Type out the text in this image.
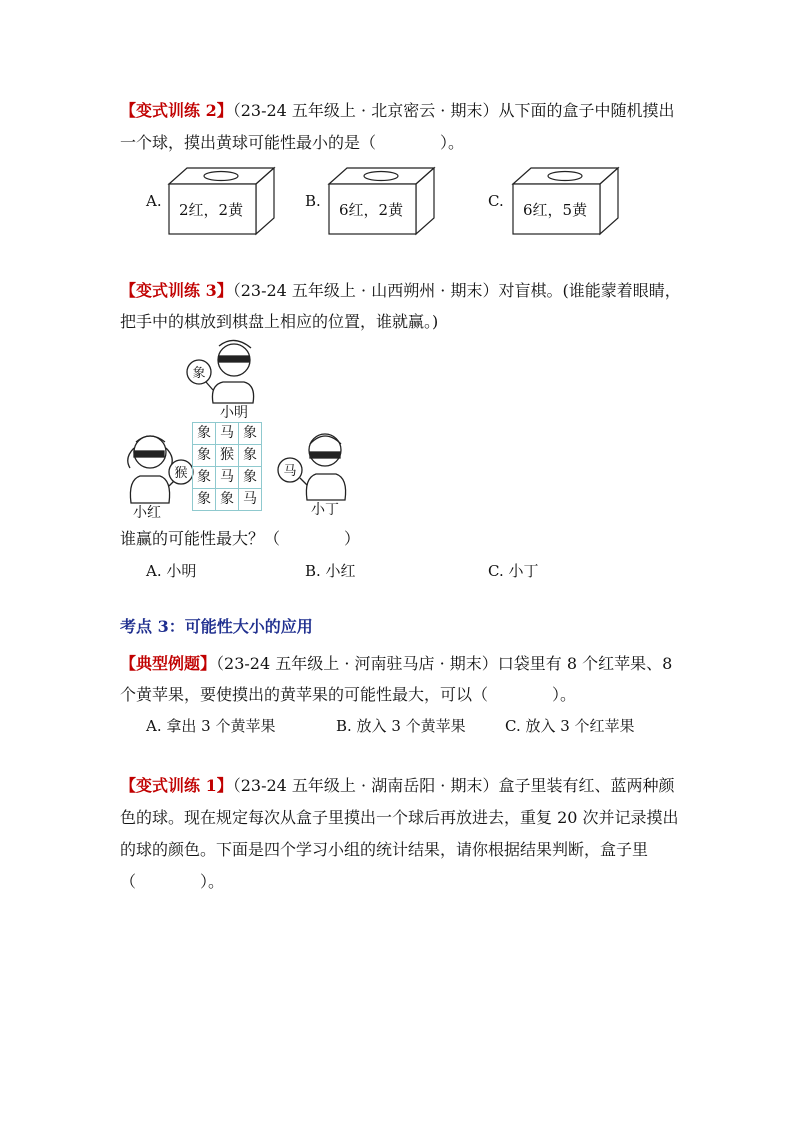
【变式训练 2】（23-24 五年级上 · 北京密云 · 期末）从下面的盒子中随机摸出
一个球，摸出黄球可能性最小的是（　　　　）。
A.	B.	C.
2红，2黄	6红，2黄	6红，5黄
【变式训练 3】（23-24 五年级上 · 山西朔州 · 期末）对盲棋。(谁能蒙着眼睛，
把手中的棋放到棋盘上相应的位置，谁就赢。)
象
猴	马
小明
小红	小丁
象	马	象
象	猴	象
象	马	象
象	象	马
谁赢的可能性最大？（　　　　）
A. 小明	B. 小红	C. 小丁
考点 3：可能性大小的应用
【典型例题】（23-24 五年级上 · 河南驻马店 · 期末）口袋里有 8 个红苹果、8
个黄苹果，要使摸出的黄苹果的可能性最大，可以（　　　　）。
A. 拿出 3 个黄苹果	B. 放入 3 个黄苹果	C. 放入 3 个红苹果
【变式训练 1】（23-24 五年级上 · 湖南岳阳 · 期末）盒子里装有红、蓝两种颜
色的球。现在规定每次从盒子里摸出一个球后再放进去，重复 20 次并记录摸出
的球的颜色。下面是四个学习小组的统计结果，请你根据结果判断，盒子里
（　　　　）。
